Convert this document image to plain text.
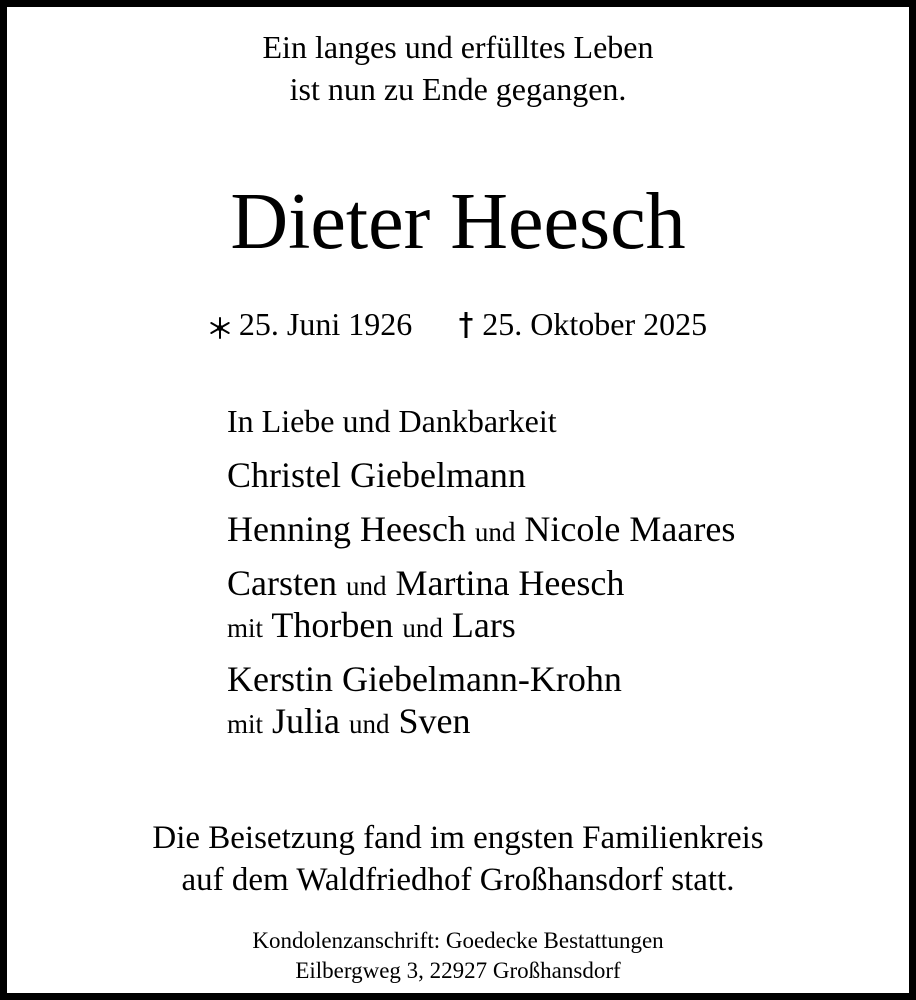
Ein langes und erfülltes Leben
ist nun zu Ende gegangen.
Dieter Heesch
25. Juni 1926 25. Oktober 2025
In Liebe und Dankbarkeit
Christel Giebelmann
Henning Heesch und Nicole Maares
Carsten und Martina Heesch
mit Thorben und Lars
Kerstin Giebelmann-Krohn
mit Julia und Sven
Die Beisetzung fand im engsten Familienkreis
auf dem Waldfriedhof Großhansdorf statt.
Kondolenzanschrift: Goedecke Bestattungen
Eilbergweg 3, 22927 Großhansdorf
